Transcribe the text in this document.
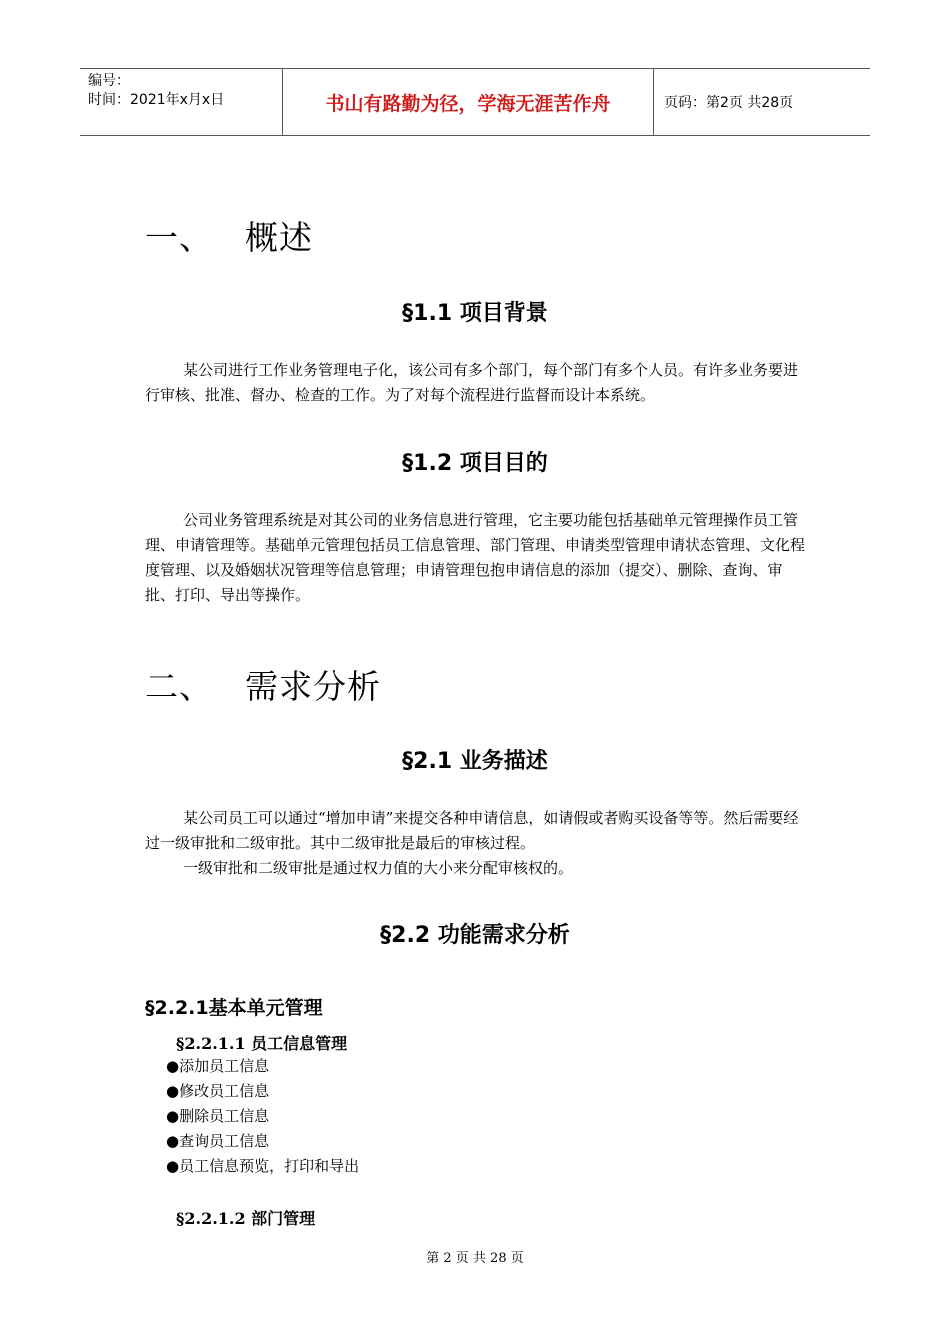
编号：
时间：2021年x月x日	书山有路勤为径，学海无涯苦作舟	页码：第2页 共28页
一、 概述
§1.1 项目背景

某公司进行工作业务管理电子化，该公司有多个部门，每个部门有多个人员。有许多业务要进行审核、批准、督办、检查的工作。为了对每个流程进行监督而设计本系统。

§1.2 项目目的

公司业务管理系统是对其公司的业务信息进行管理，它主要功能包括基础单元管理操作员工管理、申请管理等。基础单元管理包括员工信息管理、部门管理、申请类型管理申请状态管理、文化程度管理、以及婚姻状况管理等信息管理；申请管理包抱申请信息的添加（提交）、删除、查询、审批、打印、导出等操作。

二、 需求分析
§2.1 业务描述

某公司员工可以通过“增加申请”来提交各种申请信息，如请假或者购买设备等等。然后需要经过一级审批和二级审批。其中二级审批是最后的审核过程。

一级审批和二级审批是通过权力值的大小来分配审核权的。

§2.2 功能需求分析
§2.2.1基本单元管理
§2.2.1.1 员工信息管理
●添加员工信息
●修改员工信息
●删除员工信息
●查询员工信息
●员工信息预览，打印和导出
§2.2.1.2 部门管理
第 2 页 共 28 页
